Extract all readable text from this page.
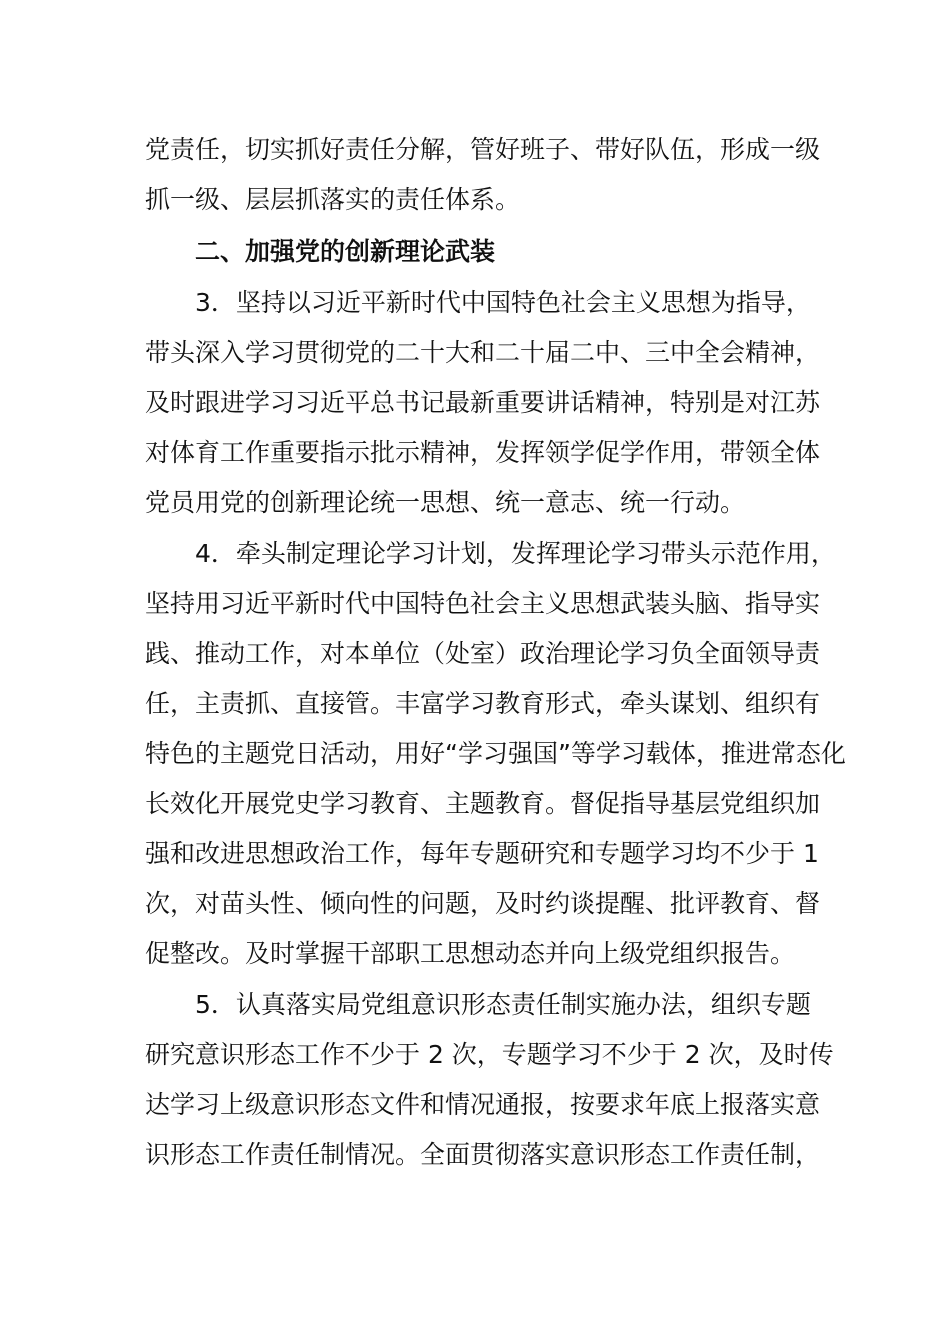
党责任，切实抓好责任分解，管好班子、带好队伍，形成一级
抓一级、层层抓落实的责任体系。
二、加强党的创新理论武装
3．坚持以习近平新时代中国特色社会主义思想为指导，
带头深入学习贯彻党的二十大和二十届二中、三中全会精神，
及时跟进学习习近平总书记最新重要讲话精神，特别是对江苏
对体育工作重要指示批示精神，发挥领学促学作用，带领全体
党员用党的创新理论统一思想、统一意志、统一行动。
4．牵头制定理论学习计划，发挥理论学习带头示范作用，
坚持用习近平新时代中国特色社会主义思想武装头脑、指导实
践、推动工作，对本单位（处室）政治理论学习负全面领导责
任，主责抓、直接管。丰富学习教育形式，牵头谋划、组织有
特色的主题党日活动，用好“学习强国”等学习载体，推进常态化
长效化开展党史学习教育、主题教育。督促指导基层党组织加
强和改进思想政治工作，每年专题研究和专题学习均不少于 1
次，对苗头性、倾向性的问题，及时约谈提醒、批评教育、督
促整改。及时掌握干部职工思想动态并向上级党组织报告。
5．认真落实局党组意识形态责任制实施办法，组织专题
研究意识形态工作不少于 2 次，专题学习不少于 2 次，及时传
达学习上级意识形态文件和情况通报，按要求年底上报落实意
识形态工作责任制情况。全面贯彻落实意识形态工作责任制，
